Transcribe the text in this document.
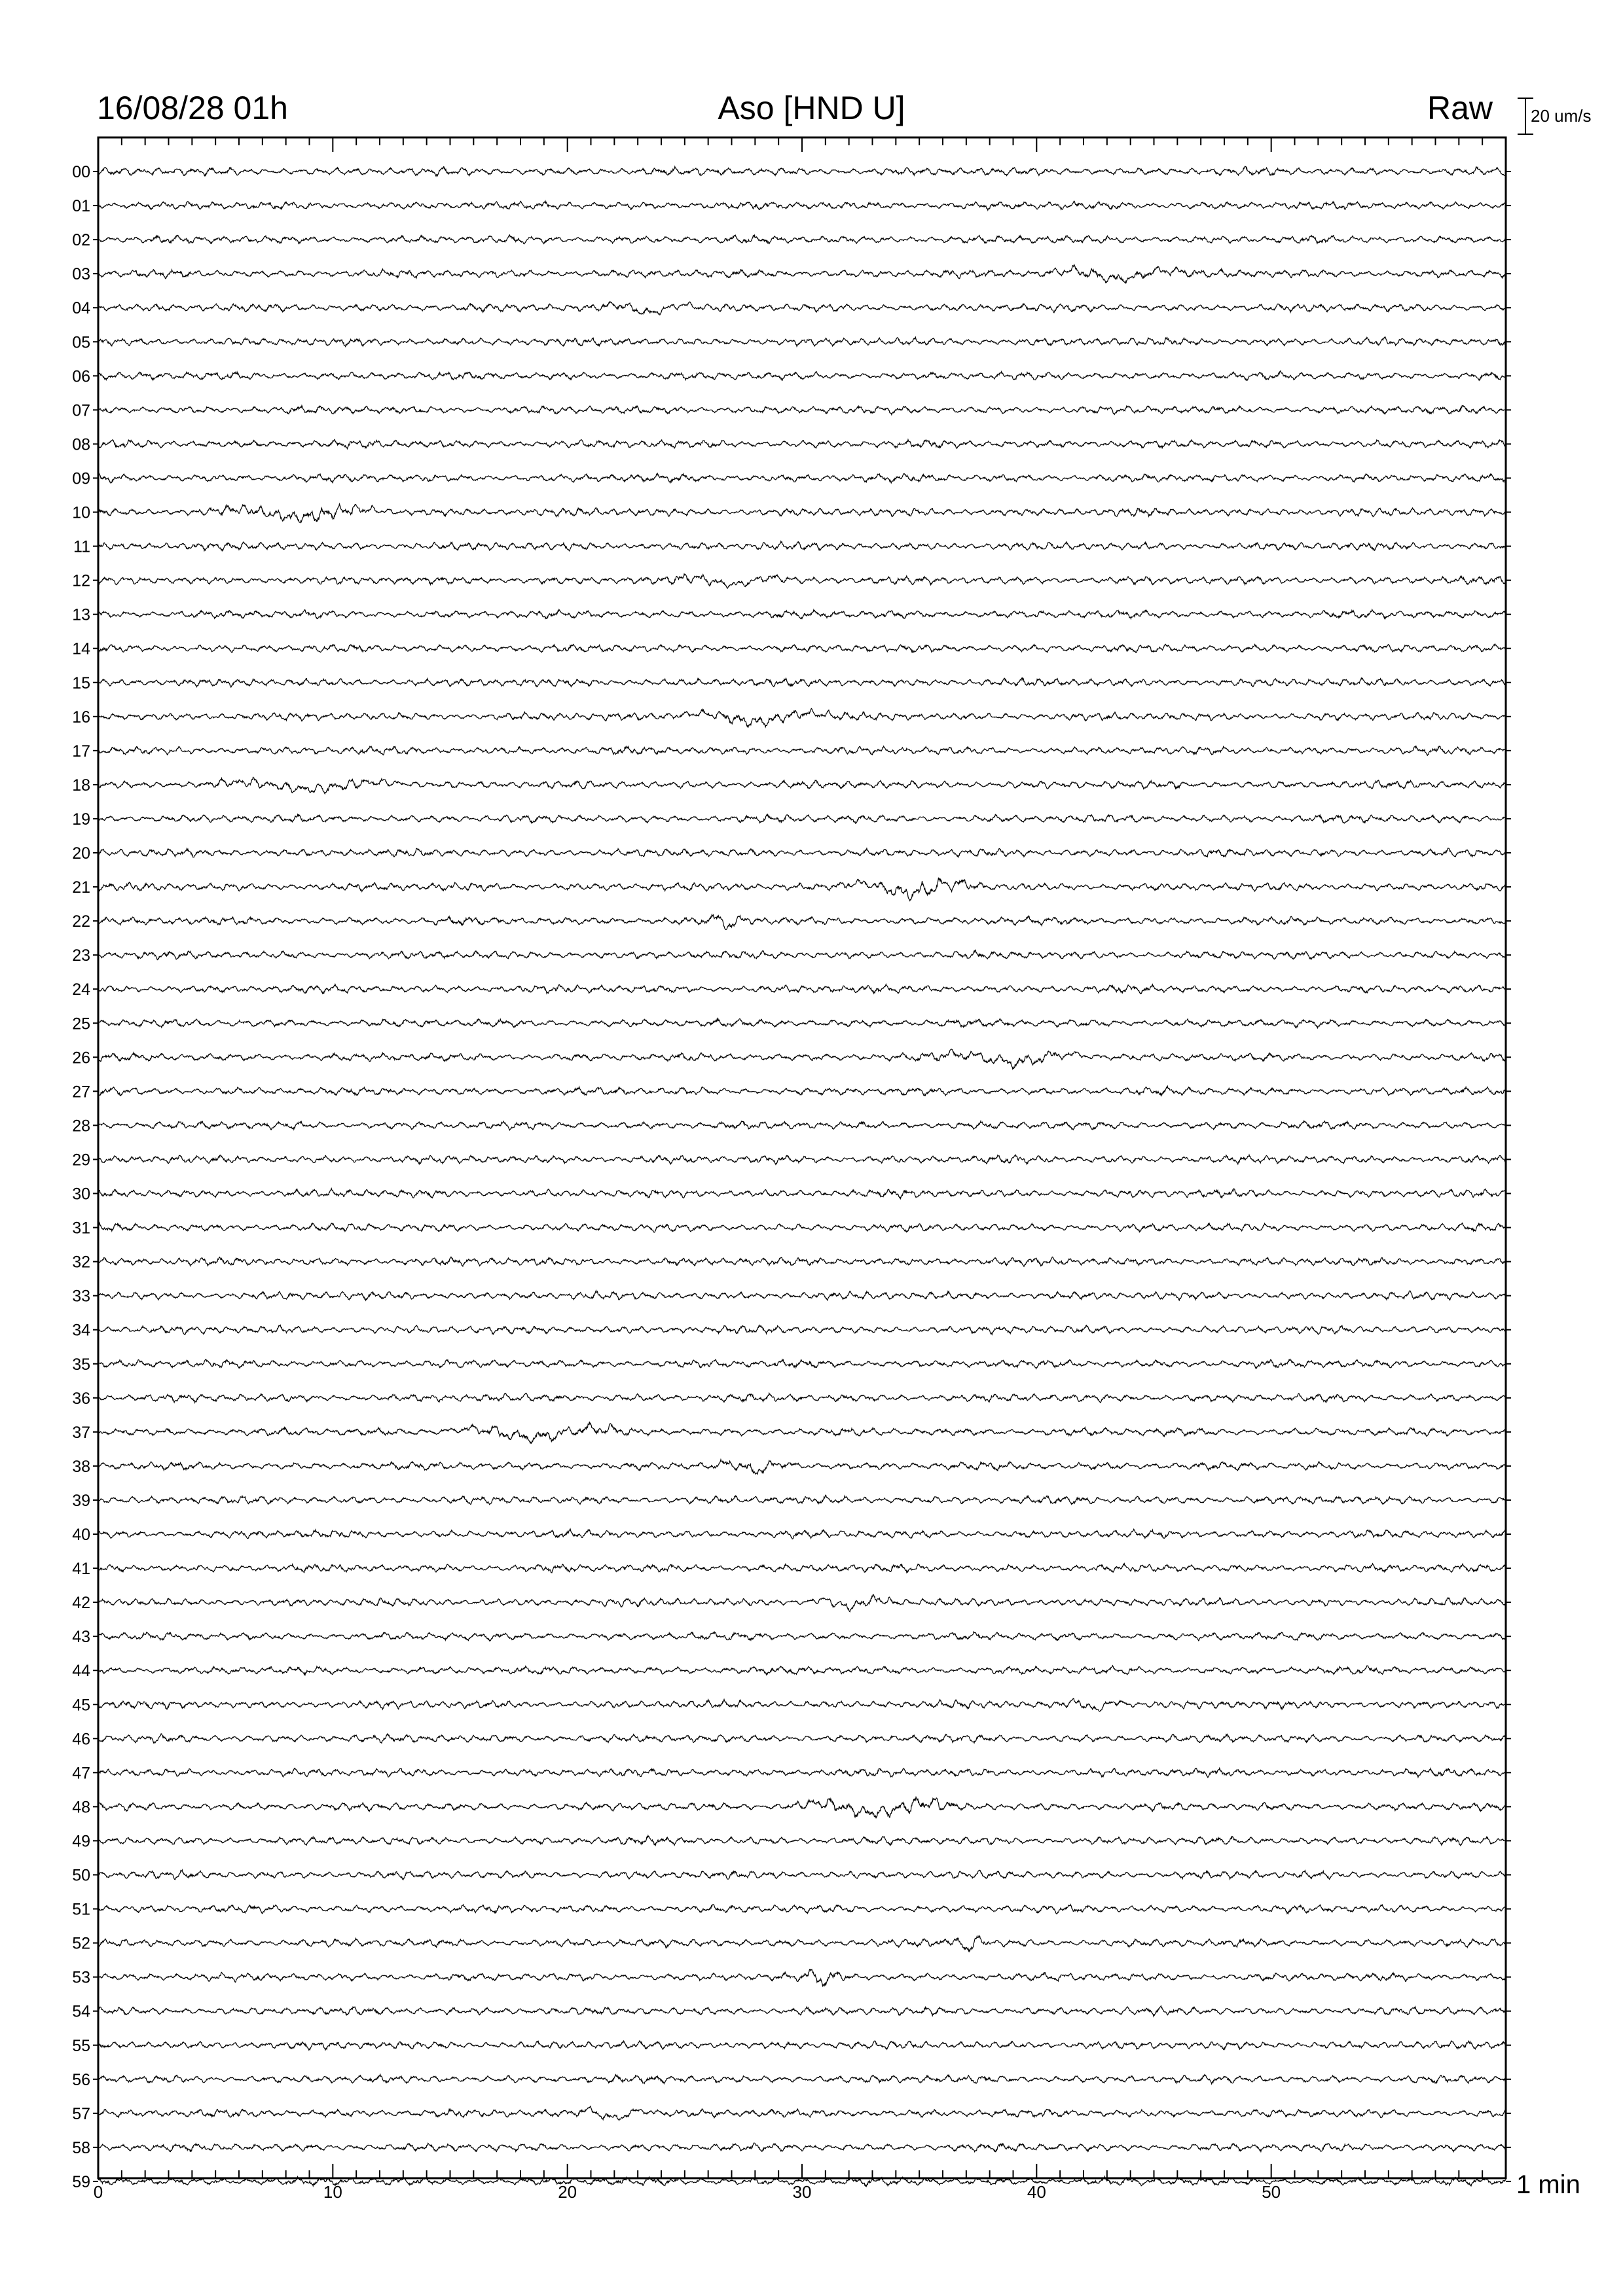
16/08/28 01h	Aso [HND U]	Raw 20 um/s
1 min
00
01
02
03
04
05
06
07
08
09
10
11
12
13
14
15
16
17
18
19
20
21
22
23
24
25
26
27
28
29
30
31
32
33
34
35
36
37
38
39
40
41
42
43
44
45
46
47
48
49
50
51
52
53
54
55
56
57
58
59
0	10	20	30	40	50
